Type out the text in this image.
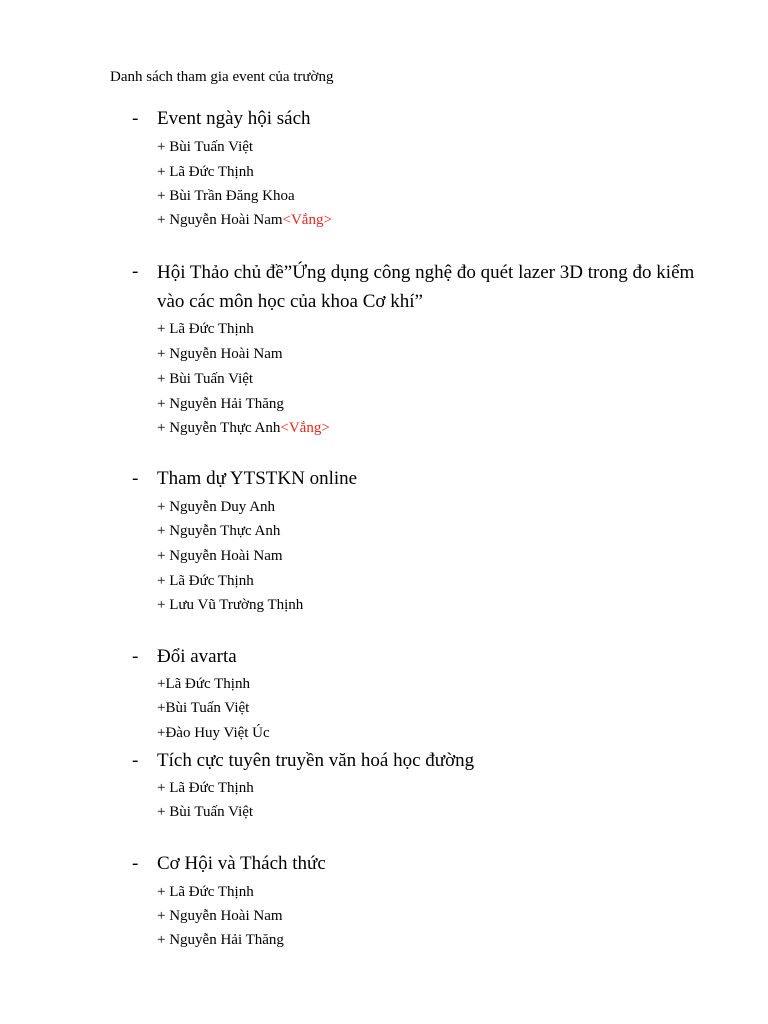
Danh sách tham gia event của trường
- Event ngày hội sách
+ Bùi Tuấn Việt
+ Lã Đức Thịnh
+ Bùi Trần Đăng Khoa
+ Nguyễn Hoài Nam<Vắng>
- Hội Thảo chủ đề”Ứng dụng công nghệ đo quét lazer 3D trong đo kiểm vào các môn học của khoa Cơ khí”
+ Lã Đức Thịnh
+ Nguyễn Hoài Nam
+ Bùi Tuấn Việt
+ Nguyễn Hải Thăng
+ Nguyễn Thực Anh<Vắng>
- Tham dự YTSTKN online
+ Nguyễn Duy Anh
+ Nguyễn Thực Anh
+ Nguyễn Hoài Nam
+ Lã Đức Thịnh
+ Lưu Vũ Trường Thịnh
- Đổi avarta
+Lã Đức Thịnh
+Bùi Tuấn Việt
+Đào Huy Việt Úc
- Tích cực tuyên truyền văn hoá học đường
+ Lã Đức Thịnh
+ Bùi Tuấn Việt
- Cơ Hội và Thách thức
+ Lã Đức Thịnh
+ Nguyễn Hoài Nam
+ Nguyễn Hải Thăng
